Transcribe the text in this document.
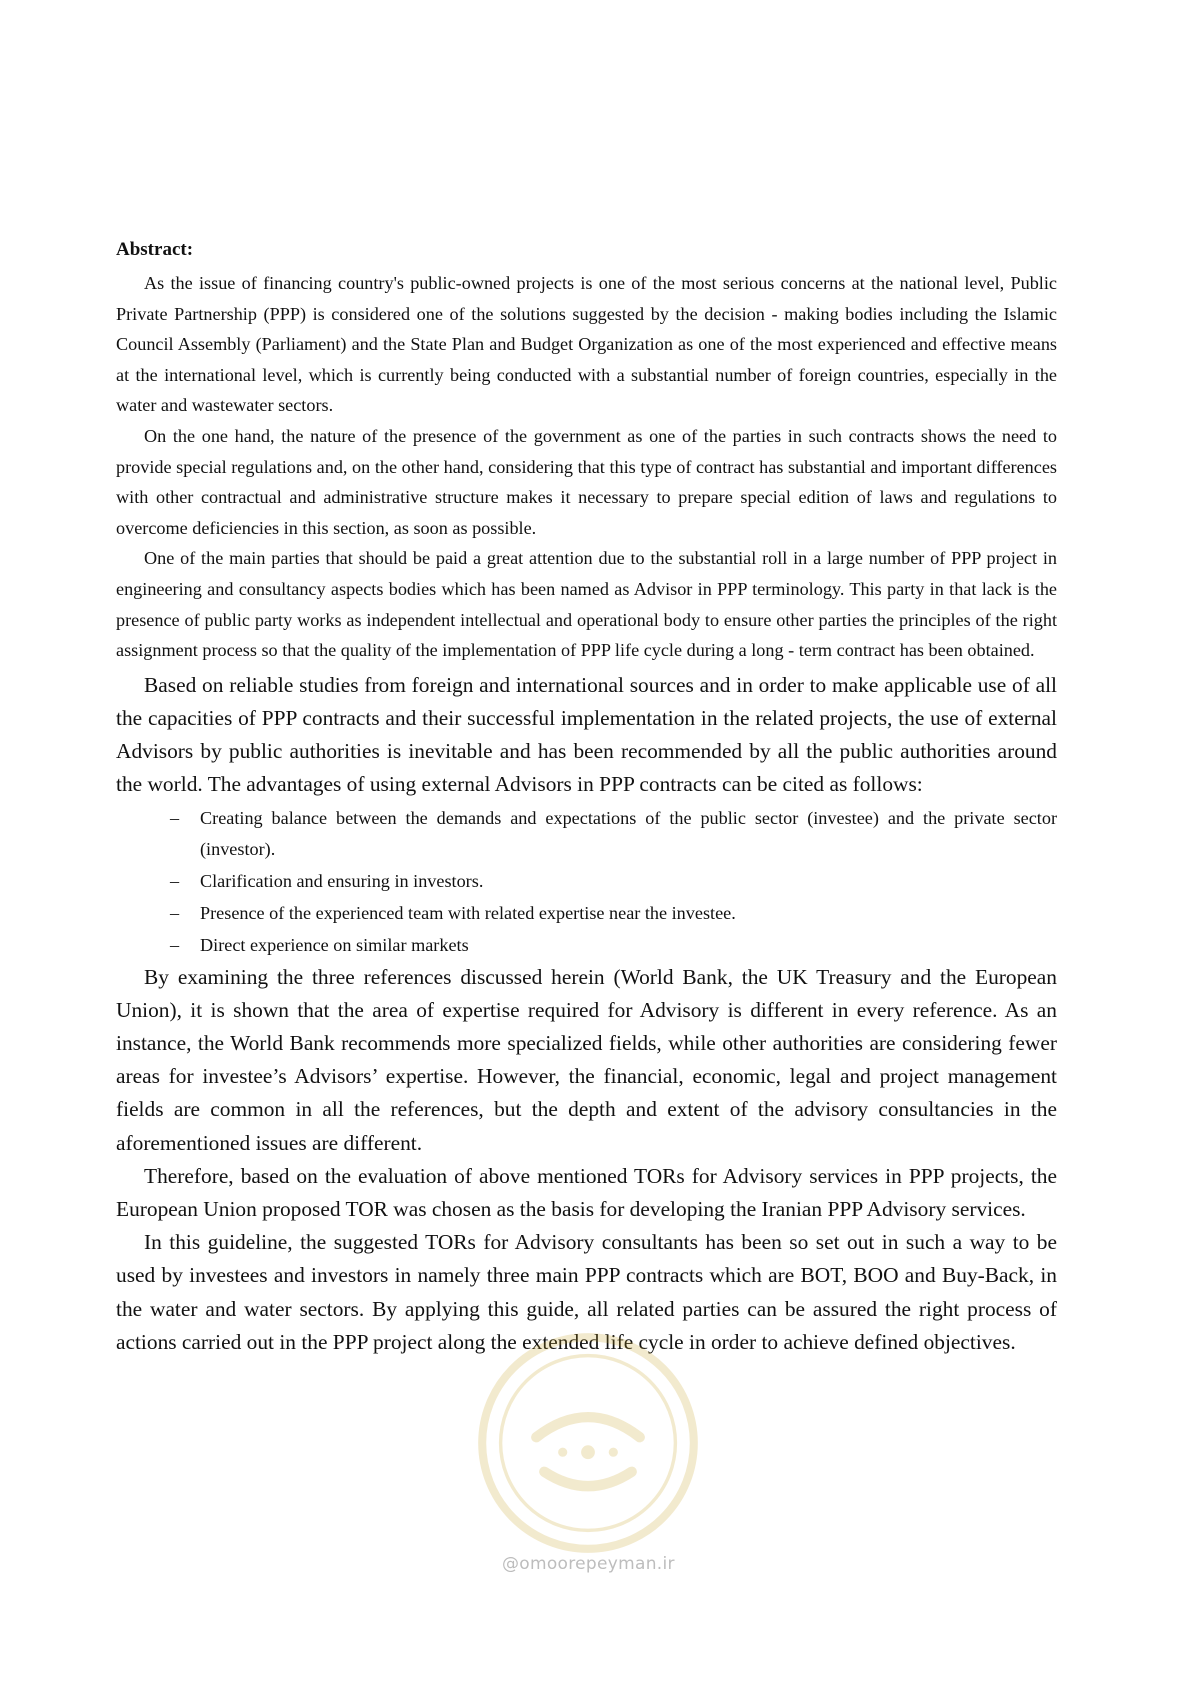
Abstract:

As the issue of financing country's public-owned projects is one of the most serious concerns at the national level, Public Private Partnership (PPP) is considered one of the solutions suggested by the decision - making bodies including the Islamic Council Assembly (Parliament) and the State Plan and Budget Organization as one of the most experienced and effective means at the international level, which is currently being conducted with a substantial number of foreign countries, especially in the water and wastewater sectors.

On the one hand, the nature of the presence of the government as one of the parties in such contracts shows the need to provide special regulations and, on the other hand, considering that this type of contract has substantial and important differences with other contractual and administrative structure makes it necessary to prepare special edition of laws and regulations to overcome deficiencies in this section, as soon as possible.

One of the main parties that should be paid a great attention due to the substantial roll in a large number of PPP project in engineering and consultancy aspects bodies which has been named as Advisor in PPP terminology. This party in that lack is the presence of public party works as independent intellectual and operational body to ensure other parties the principles of the right assignment process so that the quality of the implementation of PPP life cycle during a long - term contract has been obtained.

Based on reliable studies from foreign and international sources and in order to make applicable use of all the capacities of PPP contracts and their successful implementation in the related projects, the use of external Advisors by public authorities is inevitable and has been recommended by all the public authorities around the world. The advantages of using external Advisors in PPP contracts can be cited as follows:

– Creating balance between the demands and expectations of the public sector (investee) and the private sector (investor).
– Clarification and ensuring in investors.
– Presence of the experienced team with related expertise near the investee.
– Direct experience on similar markets

By examining the three references discussed herein (World Bank, the UK Treasury and the European Union), it is shown that the area of expertise required for Advisory is different in every reference. As an instance, the World Bank recommends more specialized fields, while other authorities are considering fewer areas for investee’s Advisors’ expertise. However, the financial, economic, legal and project management fields are common in all the references, but the depth and extent of the advisory consultancies in the aforementioned issues are different.

Therefore, based on the evaluation of above mentioned TORs for Advisory services in PPP projects, the European Union proposed TOR was chosen as the basis for developing the Iranian PPP Advisory services.

In this guideline, the suggested TORs for Advisory consultants has been so set out in such a way to be used by investees and investors in namely three main PPP contracts which are BOT, BOO and Buy-Back, in the water and water sectors. By applying this guide, all related parties can be assured the right process of actions carried out in the PPP project along the extended life cycle in order to achieve defined objectives.

@omoorepeyman.ir
